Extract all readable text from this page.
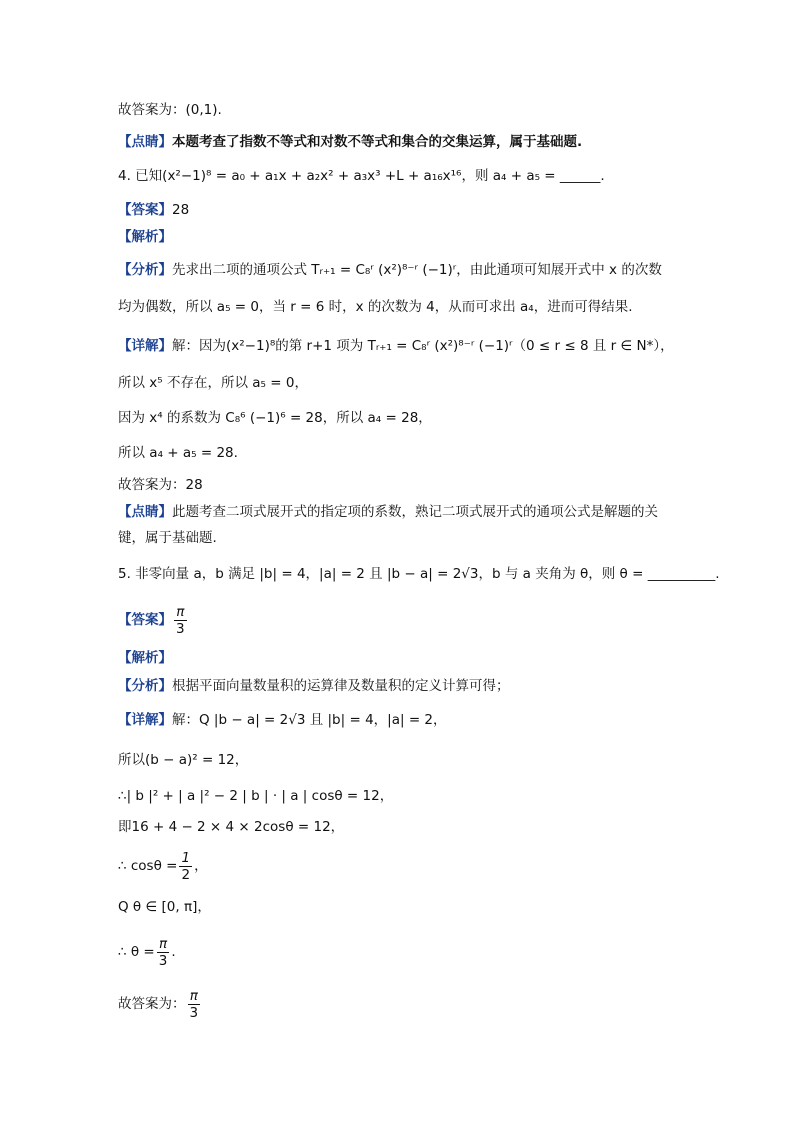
故答案为：(0,1).
【点睛】本题考查了指数不等式和对数不等式和集合的交集运算，属于基础题.
4. 已知(x²−1)⁸ = a₀ + a₁x + a₂x² + a₃x³ +L + a₁₆x¹⁶，则 a₄ + a₅ = ______.
【答案】28
【解析】
【分析】先求出二项的通项公式 Tᵣ₊₁ = C₈ʳ (x²)⁸⁻ʳ (−1)ʳ，由此通项可知展开式中 x 的次数
均为偶数，所以 a₅ = 0，当 r = 6 时，x 的次数为 4，从而可求出 a₄，进而可得结果.
【详解】解：因为(x²−1)⁸的第 r+1 项为 Tᵣ₊₁ = C₈ʳ (x²)⁸⁻ʳ (−1)ʳ（0 ≤ r ≤ 8 且 r ∈ N*），
所以 x⁵ 不存在，所以 a₅ = 0，
因为 x⁴ 的系数为 C₈⁶ (−1)⁶ = 28，所以 a₄ = 28，
所以 a₄ + a₅ = 28.
故答案为：28
【点睛】此题考查二项式展开式的指定项的系数，熟记二项式展开式的通项公式是解题的关
键，属于基础题.
5. 非零向量 a，b 满足 |b| = 4，|a| = 2 且 |b − a| = 2√3，b 与 a 夹角为 θ，则 θ = __________.
【答案】 $\frac{\pi}{3}$
【解析】
【分析】根据平面向量数量积的运算律及数量积的定义计算可得；
【详解】解：Q |b − a| = 2√3 且 |b| = 4，|a| = 2，
所以(b − a)² = 12，
∴| b |² + | a |² − 2 | b | · | a | cosθ = 12，
即16 + 4 − 2 × 4 × 2cosθ = 12，
∴ $\cos\theta = \frac{1}{2}$ ，
Q θ ∈ [0, π]，
∴ $\theta = \frac{\pi}{3}$ .
故答案为： $\frac{\pi}{3}$
